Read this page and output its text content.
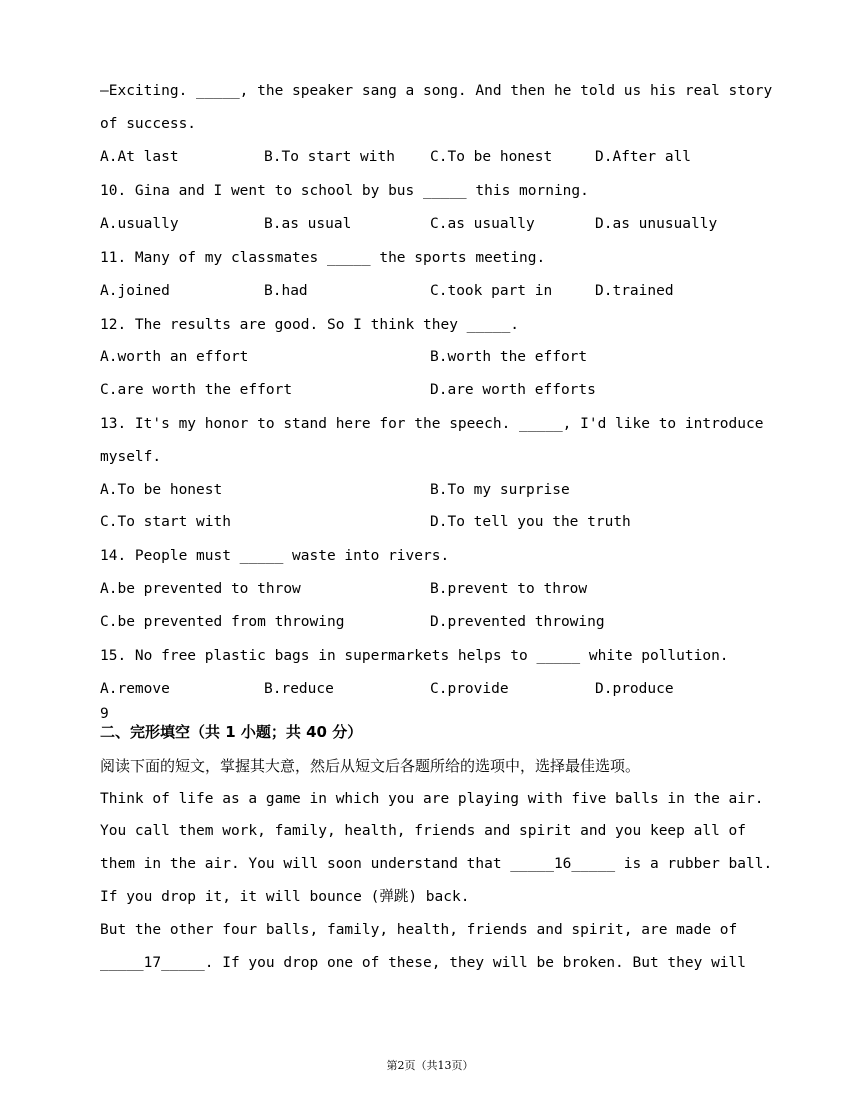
—Exciting. _____, the speaker sang a song. And then he told us his real story
of success.
A.At last	B.To start with C.To be honest	D.After all
10. Gina and I went to school by bus _____ this morning.
A.usually	B.as usual	C.as usually	D.as unusually
11. Many of my classmates _____ the sports meeting.
A.joined	B.had	C.took part in	D.trained
12. The results are good. So I think they _____.
A.worth an effort	B.worth the effort
C.are worth the effort	D.are worth efforts
13. It's my honor to stand here for the speech. _____, I'd like to introduce
myself.
A.To be honest	B.To my surprise
C.To start with	D.To tell you the truth
14. People must _____ waste into rivers.
A.be prevented to throw	B.prevent to throw
C.be prevented from throwing	D.prevented throwing
15. No free plastic bags in supermarkets helps to _____ white pollution.
A.remove	B.reduce	C.provide	D.produce
9
二、完形填空（共 1 小题；共 40 分）
阅读下面的短文，掌握其大意，然后从短文后各题所给的选项中，选择最佳选项。
Think of life as a game in which you are playing with five balls in the air.
You call them work, family, health, friends and spirit and you keep all of
them in the air. You will soon understand that _____16_____ is a rubber ball.
If you drop it, it will bounce (弹跳) back.
But the other four balls, family, health, friends and spirit, are made of
_____17_____. If you drop one of these, they will be broken. But they will
第2页（共13页）
